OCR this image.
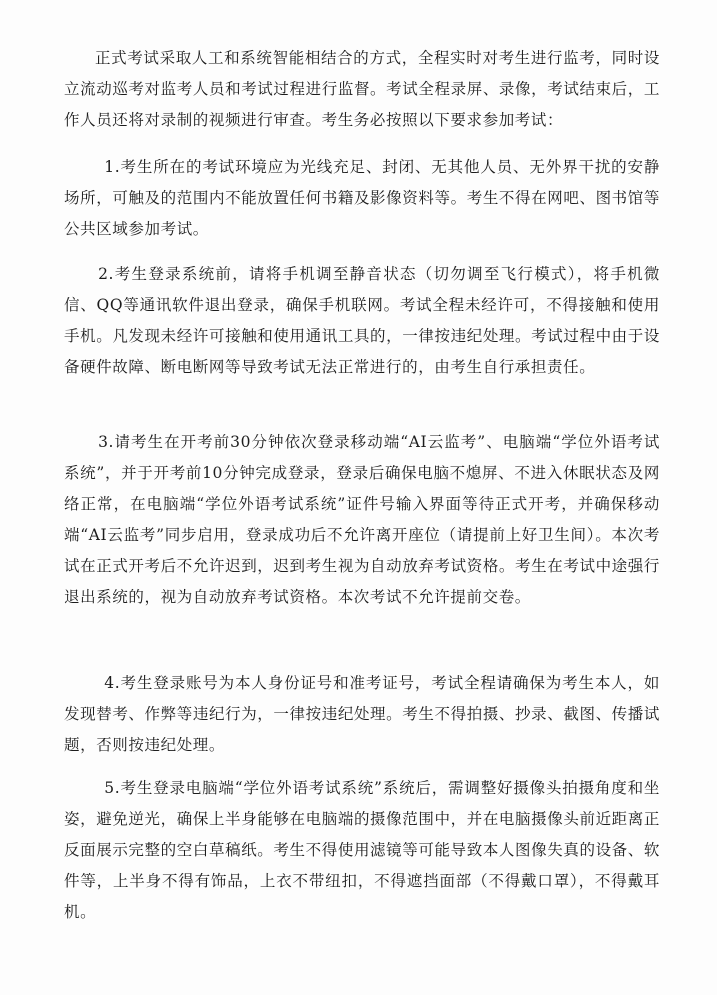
正式考试采取人工和系统智能相结合的方式，全程实时对考生进行监考，同时设立流动巡考对监考人员和考试过程进行监督。考试全程录屏、录像，考试结束后，工作人员还将对录制的视频进行审查。考生务必按照以下要求参加考试：

1.考生所在的考试环境应为光线充足、封闭、无其他人员、无外界干扰的安静场所，可触及的范围内不能放置任何书籍及影像资料等。考生不得在网吧、图书馆等公共区域参加考试。

2.考生登录系统前，请将手机调至静音状态（切勿调至飞行模式），将手机微信、QQ等通讯软件退出登录，确保手机联网。考试全程未经许可，不得接触和使用手机。凡发现未经许可接触和使用通讯工具的，一律按违纪处理。考试过程中由于设备硬件故障、断电断网等导致考试无法正常进行的，由考生自行承担责任。

3.请考生在开考前30分钟依次登录移动端“AI云监考”、电脑端“学位外语考试系统”，并于开考前10分钟完成登录，登录后确保电脑不熄屏、不进入休眠状态及网络正常，在电脑端“学位外语考试系统”证件号输入界面等待正式开考，并确保移动端“AI云监考”同步启用，登录成功后不允许离开座位（请提前上好卫生间）。本次考试在正式开考后不允许迟到，迟到考生视为自动放弃考试资格。考生在考试中途强行退出系统的，视为自动放弃考试资格。本次考试不允许提前交卷。

4.考生登录账号为本人身份证号和准考证号，考试全程请确保为考生本人，如发现替考、作弊等违纪行为，一律按违纪处理。考生不得拍摄、抄录、截图、传播试题，否则按违纪处理。

5.考生登录电脑端“学位外语考试系统”系统后，需调整好摄像头拍摄角度和坐姿，避免逆光，确保上半身能够在电脑端的摄像范围中，并在电脑摄像头前近距离正反面展示完整的空白草稿纸。考生不得使用滤镜等可能导致本人图像失真的设备、软件等，上半身不得有饰品，上衣不带纽扣，不得遮挡面部（不得戴口罩），不得戴耳机。
